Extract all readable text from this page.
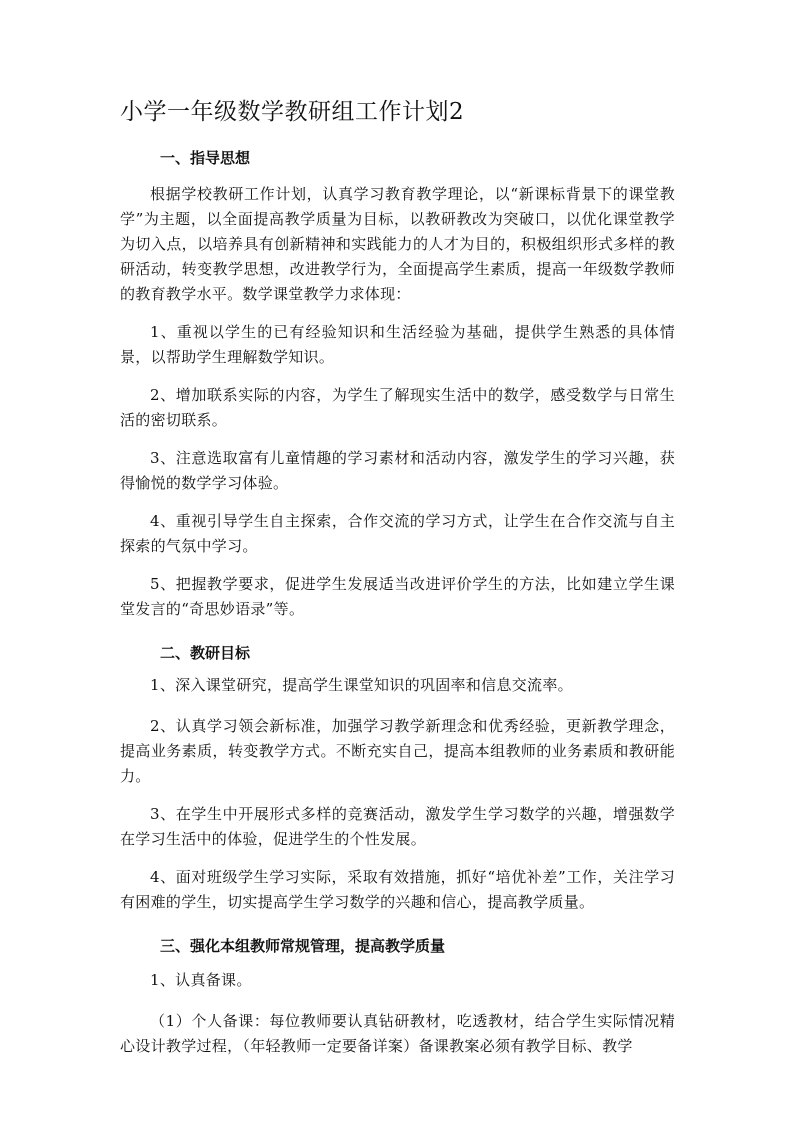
小学一年级数学教研组工作计划2
一、指导思想

根据学校教研工作计划，认真学习教育教学理论，以“新课标背景下的课堂教学”为主题，以全面提高教学质量为目标，以教研教改为突破口，以优化课堂教学为切入点，以培养具有创新精神和实践能力的人才为目的，积极组织形式多样的教研活动，转变教学思想，改进教学行为，全面提高学生素质，提高一年级数学教师的教育教学水平。数学课堂教学力求体现：

1、重视以学生的已有经验知识和生活经验为基础，提供学生熟悉的具体情景，以帮助学生理解数学知识。

2、增加联系实际的内容，为学生了解现实生活中的数学，感受数学与日常生活的密切联系。

3、注意选取富有儿童情趣的学习素材和活动内容，激发学生的学习兴趣，获得愉悦的数学学习体验。

4、重视引导学生自主探索，合作交流的学习方式，让学生在合作交流与自主探索的气氛中学习。

5、把握教学要求，促进学生发展适当改进评价学生的方法，比如建立学生课堂发言的“奇思妙语录”等。

二、教研目标

1、深入课堂研究，提高学生课堂知识的巩固率和信息交流率。

2、认真学习领会新标准，加强学习教学新理念和优秀经验，更新教学理念，提高业务素质，转变教学方式。不断充实自己，提高本组教师的业务素质和教研能力。

3、在学生中开展形式多样的竞赛活动，激发学生学习数学的兴趣，增强数学在学习生活中的体验，促进学生的个性发展。

4、面对班级学生学习实际，采取有效措施，抓好“培优补差”工作，关注学习有困难的学生，切实提高学生学习数学的兴趣和信心，提高教学质量。

三、强化本组教师常规管理，提高教学质量

1、认真备课。

（1）个人备课：每位教师要认真钻研教材，吃透教材，结合学生实际情况精心设计教学过程，（年轻教师一定要备详案）备课教案必须有教学目标、教学
